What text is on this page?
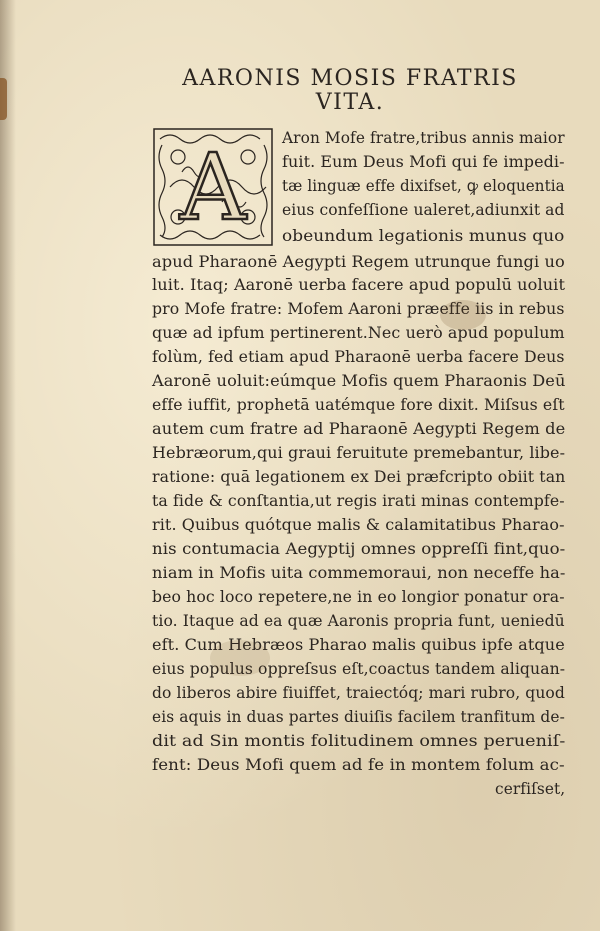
AARONIS MOSIS FRATRIS
VITA.
A Aron Mofe fratre,tribus annis maior
fuit. Eum Deus Mofi qui fe impedi-
tæ linguæ effe dixifset, ꝙ eloquentia
eius confeſſione ualeret,adiunxit ad
obeundum legationis munus quo
apud Pharaonē Aegypti Regem utrunque fungi uo
luit. Itaq; Aaronē uerba facere apud populū uoluit
pro Mofe fratre: Mofem Aaroni præeffe iis in rebus
quæ ad ipfum pertinerent.Nec uerò apud populum
folùm, fed etiam apud Pharaonē uerba facere Deus
Aaronē uoluit:eúmque Mofis quem Pharaonis Deū
effe iuffit, prophetā uatémque fore dixit. Miſsus eſt
autem cum fratre ad Pharaonē Aegypti Regem de
Hebræorum,qui graui feruitute premebantur, libe-
ratione: quā legationem ex Dei præfcripto obiit tan
ta fide & conſtantia,ut regis irati minas contempfe-
rit. Quibus quótque malis & calamitatibus Pharao-
nis contumacia Aegyptij omnes oppreſſi fint,quo-
niam in Mofis uita commemoraui, non neceffe ha-
beo hoc loco repetere,ne in eo longior ponatur ora-
tio. Itaque ad ea quæ Aaronis propria funt, ueniedū
eft. Cum Hebræos Pharao malis quibus ipfe atque
eius populus oppreſsus eſt,coactus tandem aliquan-
do liberos abire fiuiffet, traiectóq; mari rubro, quod
eis aquis in duas partes diuiſis facilem tranfitum de-
dit ad Sin montis folitudinem omnes perueniſ-
fent: Deus Mofi quem ad fe in montem folum ac-
cerfiſset,
